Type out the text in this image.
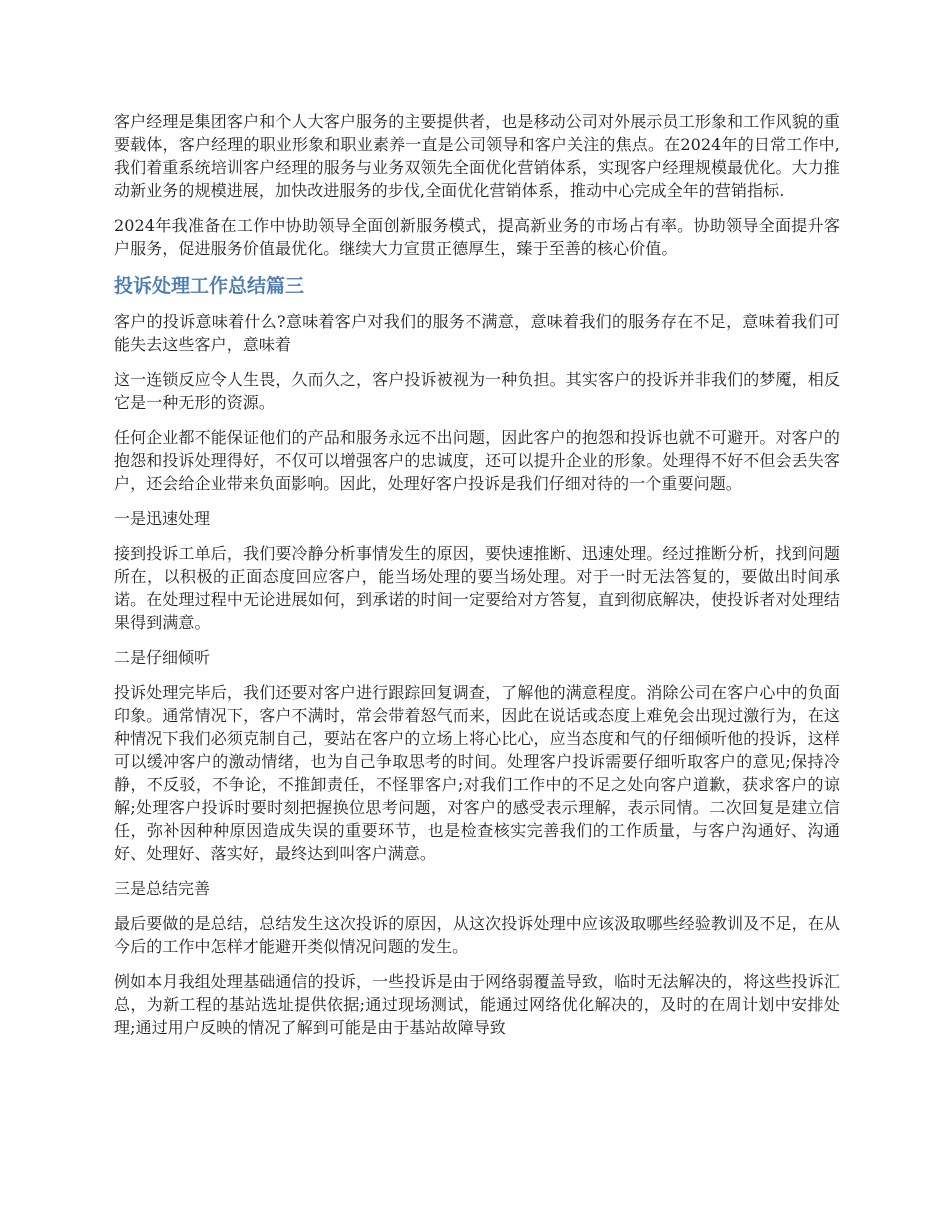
客户经理是集团客户和个人大客户服务的主要提供者，也是移动公司对外展示员工形象和工作风貌的重要载体，客户经理的职业形象和职业素养一直是公司领导和客户关注的焦点。在2024年的日常工作中,我们着重系统培训客户经理的服务与业务双领先全面优化营销体系，实现客户经理规模最优化。大力推动新业务的规模进展，加快改进服务的步伐,全面优化营销体系，推动中心完成全年的营销指标.

2024年我准备在工作中协助领导全面创新服务模式，提高新业务的市场占有率。协助领导全面提升客户服务，促进服务价值最优化。继续大力宣贯正德厚生，臻于至善的核心价值。

投诉处理工作总结篇三

客户的投诉意味着什么?意味着客户对我们的服务不满意，意味着我们的服务存在不足，意味着我们可能失去这些客户，意味着

这一连锁反应令人生畏，久而久之，客户投诉被视为一种负担。其实客户的投诉并非我们的梦魇，相反它是一种无形的资源。

任何企业都不能保证他们的产品和服务永远不出问题，因此客户的抱怨和投诉也就不可避开。对客户的抱怨和投诉处理得好，不仅可以增强客户的忠诚度，还可以提升企业的形象。处理得不好不但会丢失客户，还会给企业带来负面影响。因此，处理好客户投诉是我们仔细对待的一个重要问题。

一是迅速处理

接到投诉工单后，我们要冷静分析事情发生的原因，要快速推断、迅速处理。经过推断分析，找到问题所在，以积极的正面态度回应客户，能当场处理的要当场处理。对于一时无法答复的，要做出时间承诺。在处理过程中无论进展如何，到承诺的时间一定要给对方答复，直到彻底解决，使投诉者对处理结果得到满意。

二是仔细倾听

投诉处理完毕后，我们还要对客户进行跟踪回复调查，了解他的满意程度。消除公司在客户心中的负面印象。通常情况下，客户不满时，常会带着怒气而来，因此在说话或态度上难免会出现过激行为，在这种情况下我们必须克制自己，要站在客户的立场上将心比心，应当态度和气的仔细倾听他的投诉，这样可以缓冲客户的激动情绪，也为自己争取思考的时间。处理客户投诉需要仔细听取客户的意见;保持冷静，不反驳，不争论，不推卸责任，不怪罪客户;对我们工作中的不足之处向客户道歉，获求客户的谅解;处理客户投诉时要时刻把握换位思考问题，对客户的感受表示理解，表示同情。二次回复是建立信任，弥补因种种原因造成失误的重要环节，也是检查核实完善我们的工作质量，与客户沟通好、沟通好、处理好、落实好，最终达到叫客户满意。

三是总结完善

最后要做的是总结，总结发生这次投诉的原因，从这次投诉处理中应该汲取哪些经验教训及不足，在从今后的工作中怎样才能避开类似情况问题的发生。

例如本月我组处理基础通信的投诉，一些投诉是由于网络弱覆盖导致，临时无法解决的，将这些投诉汇总，为新工程的基站选址提供依据;通过现场测试，能通过网络优化解决的，及时的在周计划中安排处理;通过用户反映的情况了解到可能是由于基站故障导致
